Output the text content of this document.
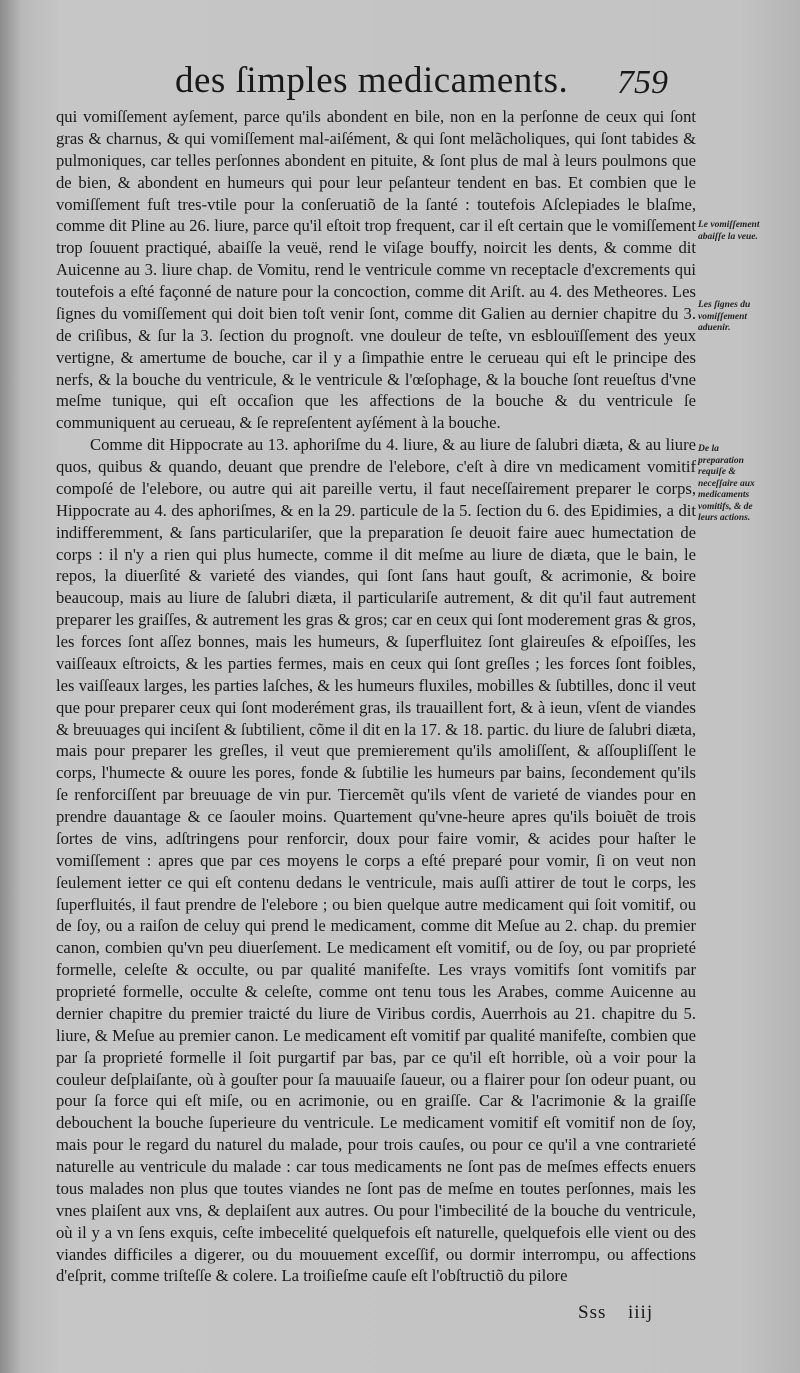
des ſimples medicaments. 759

qui vomiſſement ayſement, parce qu'ils abondent en bile, non en la perſonne de ceux qui ſont gras & charnus, & qui vomiſſement mal-aiſément, & qui ſont melãcholiques, qui ſont tabides & pulmoniques, car telles perſonnes abondent en pituite, & ſont plus de mal à leurs poulmons que de bien, & abondent en humeurs qui pour leur peſanteur tendent en bas. Et combien que le vomiſſement fuſt tres-vtile pour la conſeruatiõ de la ſanté : toutefois Aſclepiades le blaſme, comme dit Pline au 26. liure, parce qu'il eſtoit trop frequent, car il eſt certain que le vomiſſement trop ſouuent practiqué, abaiſſe la veuë, rend le viſage bouffy, noircit les dents, & comme dit Auicenne au 3. liure chap. de Vomitu, rend le ventricule comme vn receptacle d'excrements qui toutefois a eſté façonné de nature pour la concoction, comme dit Ariſt. au 4. des Metheores. Les ſignes du vomiſſement qui doit bien toſt venir ſont, comme dit Galien au dernier chapitre du 3. de criſibus, & ſur la 3. ſection du prognoſt. vne douleur de teſte, vn esblouïſſement des yeux vertigne, & amertume de bouche, car il y a ſimpathie entre le cerueau qui eſt le principe des nerfs, & la bouche du ventricule, & le ventricule & l'œſophage, & la bouche ſont reueſtus d'vne meſme tunique, qui eſt occaſion que les affections de la bouche & du ventricule ſe communiquent au cerueau, & ſe repreſentent ayſément à la bouche.

Comme dit Hippocrate au 13. aphoriſme du 4. liure, & au liure de ſalubri diæta, & au liure quos, quibus & quando, deuant que prendre de l'elebore, c'eſt à dire vn medicament vomitif compoſé de l'elebore, ou autre qui ait pareille vertu, il faut neceſſairement preparer le corps, Hippocrate au 4. des aphoriſmes, & en la 29. particule de la 5. ſection du 6. des Epidimies, a dit indifferemment, & ſans particulariſer, que la preparation ſe deuoit faire auec humectation de corps : il n'y a rien qui plus humecte, comme il dit meſme au liure de diæta, que le bain, le repos, la diuerſité & varieté des viandes, qui ſont ſans haut gouſt, & acrimonie, & boire beaucoup, mais au liure de ſalubri diæta, il particulariſe autrement, & dit qu'il faut autrement preparer les graiſſes, & autrement les gras & gros; car en ceux qui ſont moderement gras & gros, les forces ſont aſſez bonnes, mais les humeurs, & ſuperfluitez ſont glaireuſes & eſpoiſſes, les vaiſſeaux eſtroicts, & les parties fermes, mais en ceux qui ſont greſles ; les forces ſont foibles, les vaiſſeaux larges, les parties laſches, & les humeurs fluxiles, mobilles & ſubtilles, donc il veut que pour preparer ceux qui ſont moderément gras, ils trauaillent fort, & à ieun, vſent de viandes & breuuages qui inciſent & ſubtilient, cõme il dit en la 17. & 18. partic. du liure de ſalubri diæta, mais pour preparer les greſles, il veut que premierement qu'ils amoliſſent, & aſſoupliſſent le corps, l'humecte & ouure les pores, fonde & ſubtilie les humeurs par bains, ſecondement qu'ils ſe renforciſſent par breuuage de vin pur. Tiercemẽt qu'ils vſent de varieté de viandes pour en prendre dauantage & ce ſaouler moins. Quartement qu'vne-heure apres qu'ils boiuẽt de trois ſortes de vins, adſtringens pour renforcir, doux pour faire vomir, & acides pour haſter le vomiſſement : apres que par ces moyens le corps a eſté preparé pour vomir, ſi on veut non ſeulement ietter ce qui eſt contenu dedans le ventricule, mais auſſi attirer de tout le corps, les ſuperfluités, il faut prendre de l'elebore ; ou bien quelque autre medicament qui ſoit vomitif, ou de ſoy, ou a raiſon de celuy qui prend le medicament, comme dit Meſue au 2. chap. du premier canon, combien qu'vn peu diuerſement. Le medicament eſt vomitif, ou de ſoy, ou par proprieté formelle, celeſte & occulte, ou par qualité manifeſte. Les vrays vomitifs ſont vomitifs par proprieté formelle, occulte & celeſte, comme ont tenu tous les Arabes, comme Auicenne au dernier chapitre du premier traicté du liure de Viribus cordis, Auerrhois au 21. chapitre du 5. liure, & Meſue au premier canon. Le medicament eſt vomitif par qualité manifeſte, combien que par ſa proprieté formelle il ſoit purgartif par bas, par ce qu'il eſt horrible, où a voir pour la couleur deſplaiſante, où à gouſter pour ſa mauuaiſe ſaueur, ou a flairer pour ſon odeur puant, ou pour ſa force qui eſt miſe, ou en acrimonie, ou en graiſſe. Car & l'acrimonie & la graiſſe debouchent la bouche ſuperieure du ventricule. Le medicament vomitif eſt vomitif non de ſoy, mais pour le regard du naturel du malade, pour trois cauſes, ou pour ce qu'il a vne contrarieté naturelle au ventricule du malade : car tous medicaments ne ſont pas de meſmes effects enuers tous malades non plus que toutes viandes ne ſont pas de meſme en toutes perſonnes, mais les vnes plaiſent aux vns, & deplaiſent aux autres. Ou pour l'imbecilité de la bouche du ventricule, où il y a vn ſens exquis, ceſte imbecelité quelquefois eſt naturelle, quelquefois elle vient ou des viandes difficiles a digerer, ou du mouuement exceſſif, ou dormir interrompu, ou affections d'eſprit, comme triſteſſe & colere. La troiſieſme cauſe eſt l'obſtructiõ du pilore

Le vomiſſement abaiſſe la veue.
Les ſignes du vomiſſement aduenir.
De la preparation requiſe & neceſſaire aux medicaments vomitifs, & de leurs actions.
Sss iiij
